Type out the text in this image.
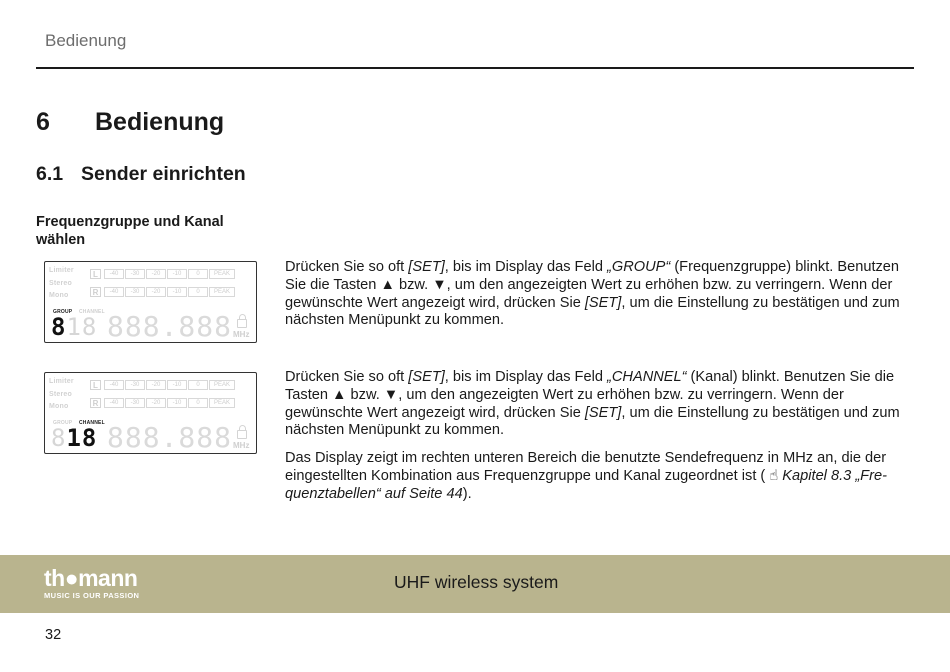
Bedienung
6 Bedienung
6.1 Sender einrichten
Frequenzgruppe und Kanal wählen
Limiter
Stereo
Mono
L
R
-40	-30	-20	-10	0	PEAK
-40	-30	-20	-10	0	PEAK
GROUP CHANNEL
818 888.888 MHz
Limiter
Stereo
Mono
L
R
-40	-30	-20	-10	0	PEAK
-40	-30	-20	-10	0	PEAK
GROUP CHANNEL
818 888.888 MHz

Drücken Sie so oft [SET], bis im Display das Feld „GROUP“ (Frequenzgruppe) blinkt. Benutzen Sie die Tasten ▲ bzw. ▼, um den angezeigten Wert zu erhöhen bzw. zu verringern. Wenn der gewünschte Wert angezeigt wird, drücken Sie [SET], um die Einstellung zu bestätigen und zum nächsten Menüpunkt zu kommen.

Drücken Sie so oft [SET], bis im Display das Feld „CHANNEL“ (Kanal) blinkt. Benutzen Sie die Tasten ▲ bzw. ▼, um den angezeigten Wert zu erhöhen bzw. zu verringern. Wenn der gewünschte Wert angezeigt wird, drücken Sie [SET], um die Einstellung zu bestätigen und zum nächsten Menüpunkt zu kommen.

Das Display zeigt im rechten unteren Bereich die benutzte Sendefrequenz in MHz an, die der eingestellten Kombination aus Frequenzgruppe und Kanal zugeordnet ist ( ☝ Kapitel 8.3 „Fre-quenztabellen“ auf Seite 44).

th●mann
MUSIC IS OUR PASSION
UHF wireless system
32
